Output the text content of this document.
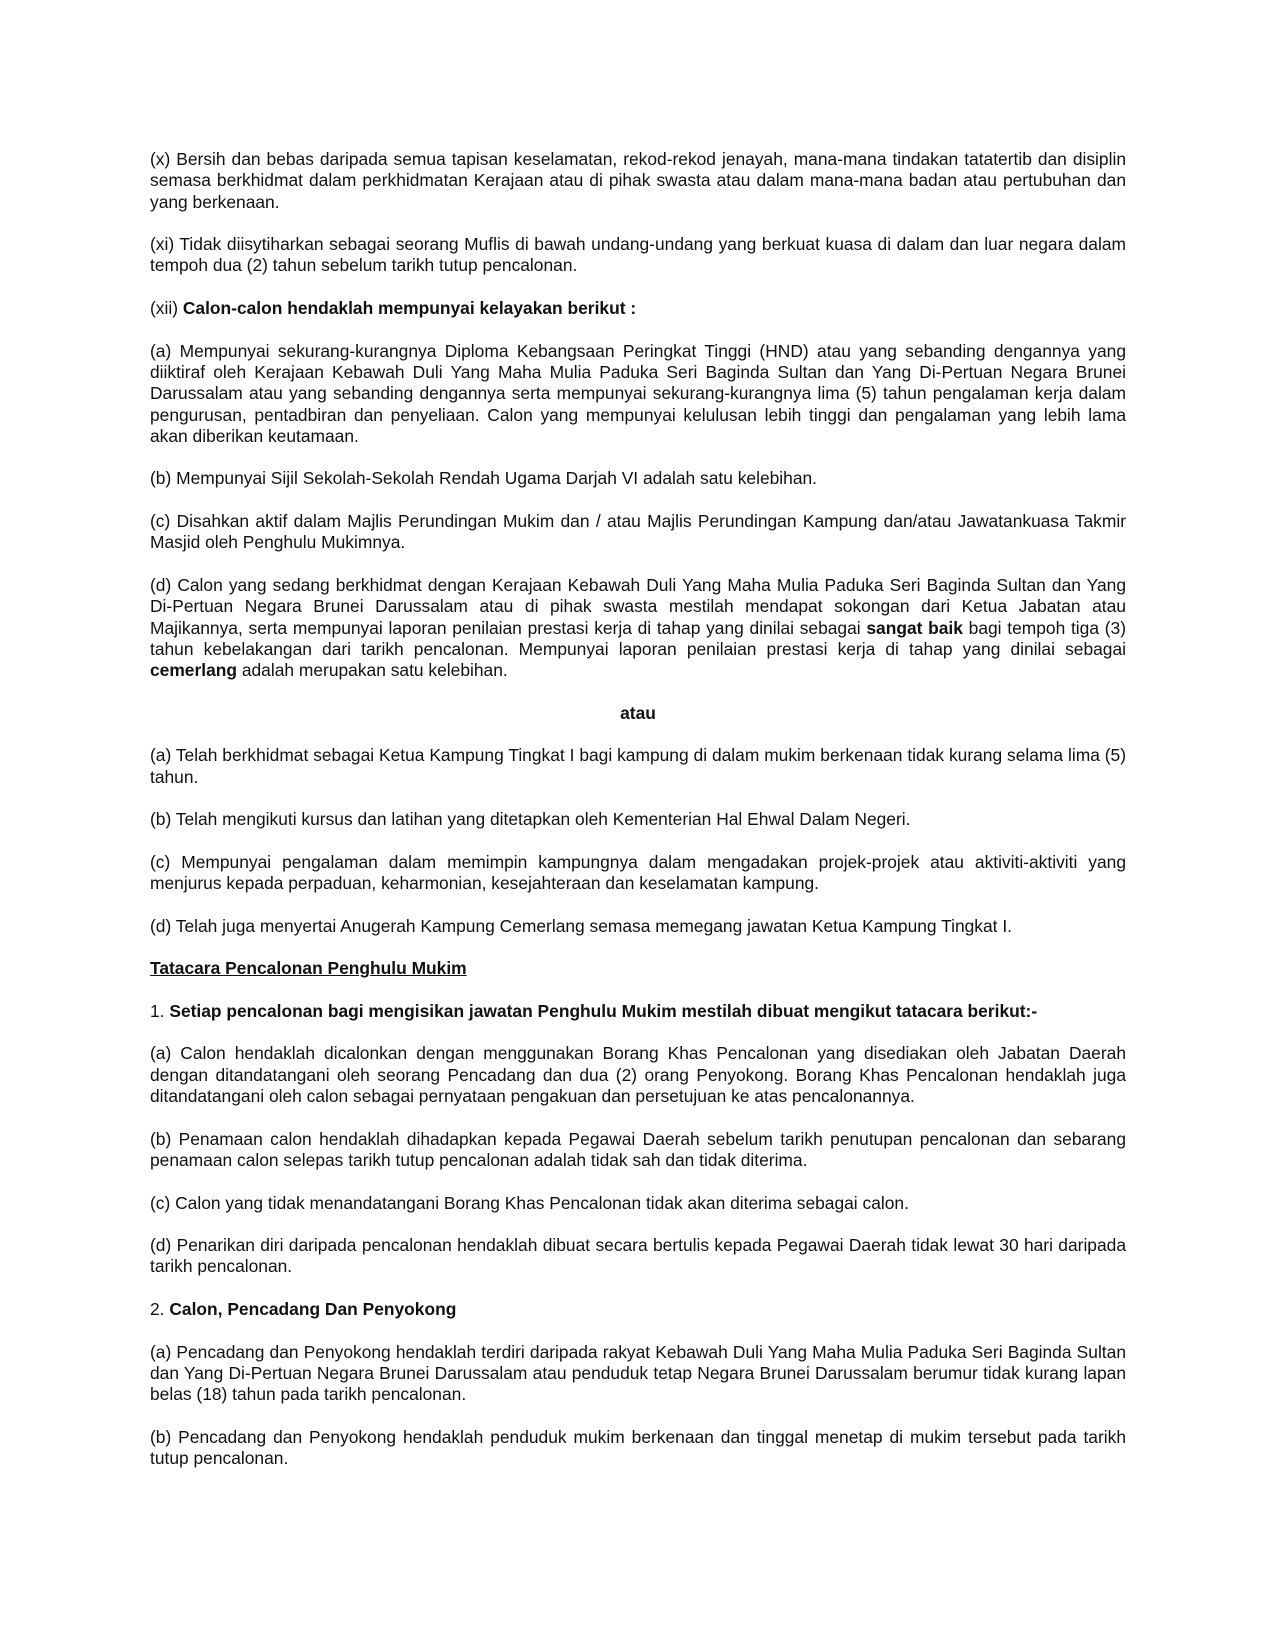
(x) Bersih dan bebas daripada semua tapisan keselamatan, rekod-rekod jenayah, mana-mana tindakan tatatertib dan disiplin semasa berkhidmat dalam perkhidmatan Kerajaan atau di pihak swasta atau dalam mana-mana badan atau pertubuhan dan yang berkenaan.

(xi) Tidak diisytiharkan sebagai seorang Muflis di bawah undang-undang yang berkuat kuasa di dalam dan luar negara dalam tempoh dua (2) tahun sebelum tarikh tutup pencalonan.

(xii) Calon-calon hendaklah mempunyai kelayakan berikut :

(a) Mempunyai sekurang-kurangnya Diploma Kebangsaan Peringkat Tinggi (HND) atau yang sebanding dengannya yang diiktiraf oleh Kerajaan Kebawah Duli Yang Maha Mulia Paduka Seri Baginda Sultan dan Yang Di-Pertuan Negara Brunei Darussalam atau yang sebanding dengannya serta mempunyai sekurang-kurangnya lima (5) tahun pengalaman kerja dalam pengurusan, pentadbiran dan penyeliaan. Calon yang mempunyai kelulusan lebih tinggi dan pengalaman yang lebih lama akan diberikan keutamaan.

(b) Mempunyai Sijil Sekolah-Sekolah Rendah Ugama Darjah VI adalah satu kelebihan.

(c) Disahkan aktif dalam Majlis Perundingan Mukim dan / atau Majlis Perundingan Kampung dan/atau Jawatankuasa Takmir Masjid oleh Penghulu Mukimnya.

(d) Calon yang sedang berkhidmat dengan Kerajaan Kebawah Duli Yang Maha Mulia Paduka Seri Baginda Sultan dan Yang Di-Pertuan Negara Brunei Darussalam atau di pihak swasta mestilah mendapat sokongan dari Ketua Jabatan atau Majikannya, serta mempunyai laporan penilaian prestasi kerja di tahap yang dinilai sebagai sangat baik bagi tempoh tiga (3) tahun kebelakangan dari tarikh pencalonan. Mempunyai laporan penilaian prestasi kerja di tahap yang dinilai sebagai cemerlang adalah merupakan satu kelebihan.

atau

(a) Telah berkhidmat sebagai Ketua Kampung Tingkat I bagi kampung di dalam mukim berkenaan tidak kurang selama lima (5) tahun.

(b) Telah mengikuti kursus dan latihan yang ditetapkan oleh Kementerian Hal Ehwal Dalam Negeri.

(c) Mempunyai pengalaman dalam memimpin kampungnya dalam mengadakan projek-projek atau aktiviti-aktiviti yang menjurus kepada perpaduan, keharmonian, kesejahteraan dan keselamatan kampung.

(d) Telah juga menyertai Anugerah Kampung Cemerlang semasa memegang jawatan Ketua Kampung Tingkat I.

Tatacara Pencalonan Penghulu Mukim

1. Setiap pencalonan bagi mengisikan jawatan Penghulu Mukim mestilah dibuat mengikut tatacara berikut:-

(a) Calon hendaklah dicalonkan dengan menggunakan Borang Khas Pencalonan yang disediakan oleh Jabatan Daerah dengan ditandatangani oleh seorang Pencadang dan dua (2) orang Penyokong. Borang Khas Pencalonan hendaklah juga ditandatangani oleh calon sebagai pernyataan pengakuan dan persetujuan ke atas pencalonannya.

(b) Penamaan calon hendaklah dihadapkan kepada Pegawai Daerah sebelum tarikh penutupan pencalonan dan sebarang penamaan calon selepas tarikh tutup pencalonan adalah tidak sah dan tidak diterima.

(c) Calon yang tidak menandatangani Borang Khas Pencalonan tidak akan diterima sebagai calon.

(d) Penarikan diri daripada pencalonan hendaklah dibuat secara bertulis kepada Pegawai Daerah tidak lewat 30 hari daripada tarikh pencalonan.

2. Calon, Pencadang Dan Penyokong

(a) Pencadang dan Penyokong hendaklah terdiri daripada rakyat Kebawah Duli Yang Maha Mulia Paduka Seri Baginda Sultan dan Yang Di-Pertuan Negara Brunei Darussalam atau penduduk tetap Negara Brunei Darussalam berumur tidak kurang lapan belas (18) tahun pada tarikh pencalonan.

(b) Pencadang dan Penyokong hendaklah penduduk mukim berkenaan dan tinggal menetap di mukim tersebut pada tarikh tutup pencalonan.
